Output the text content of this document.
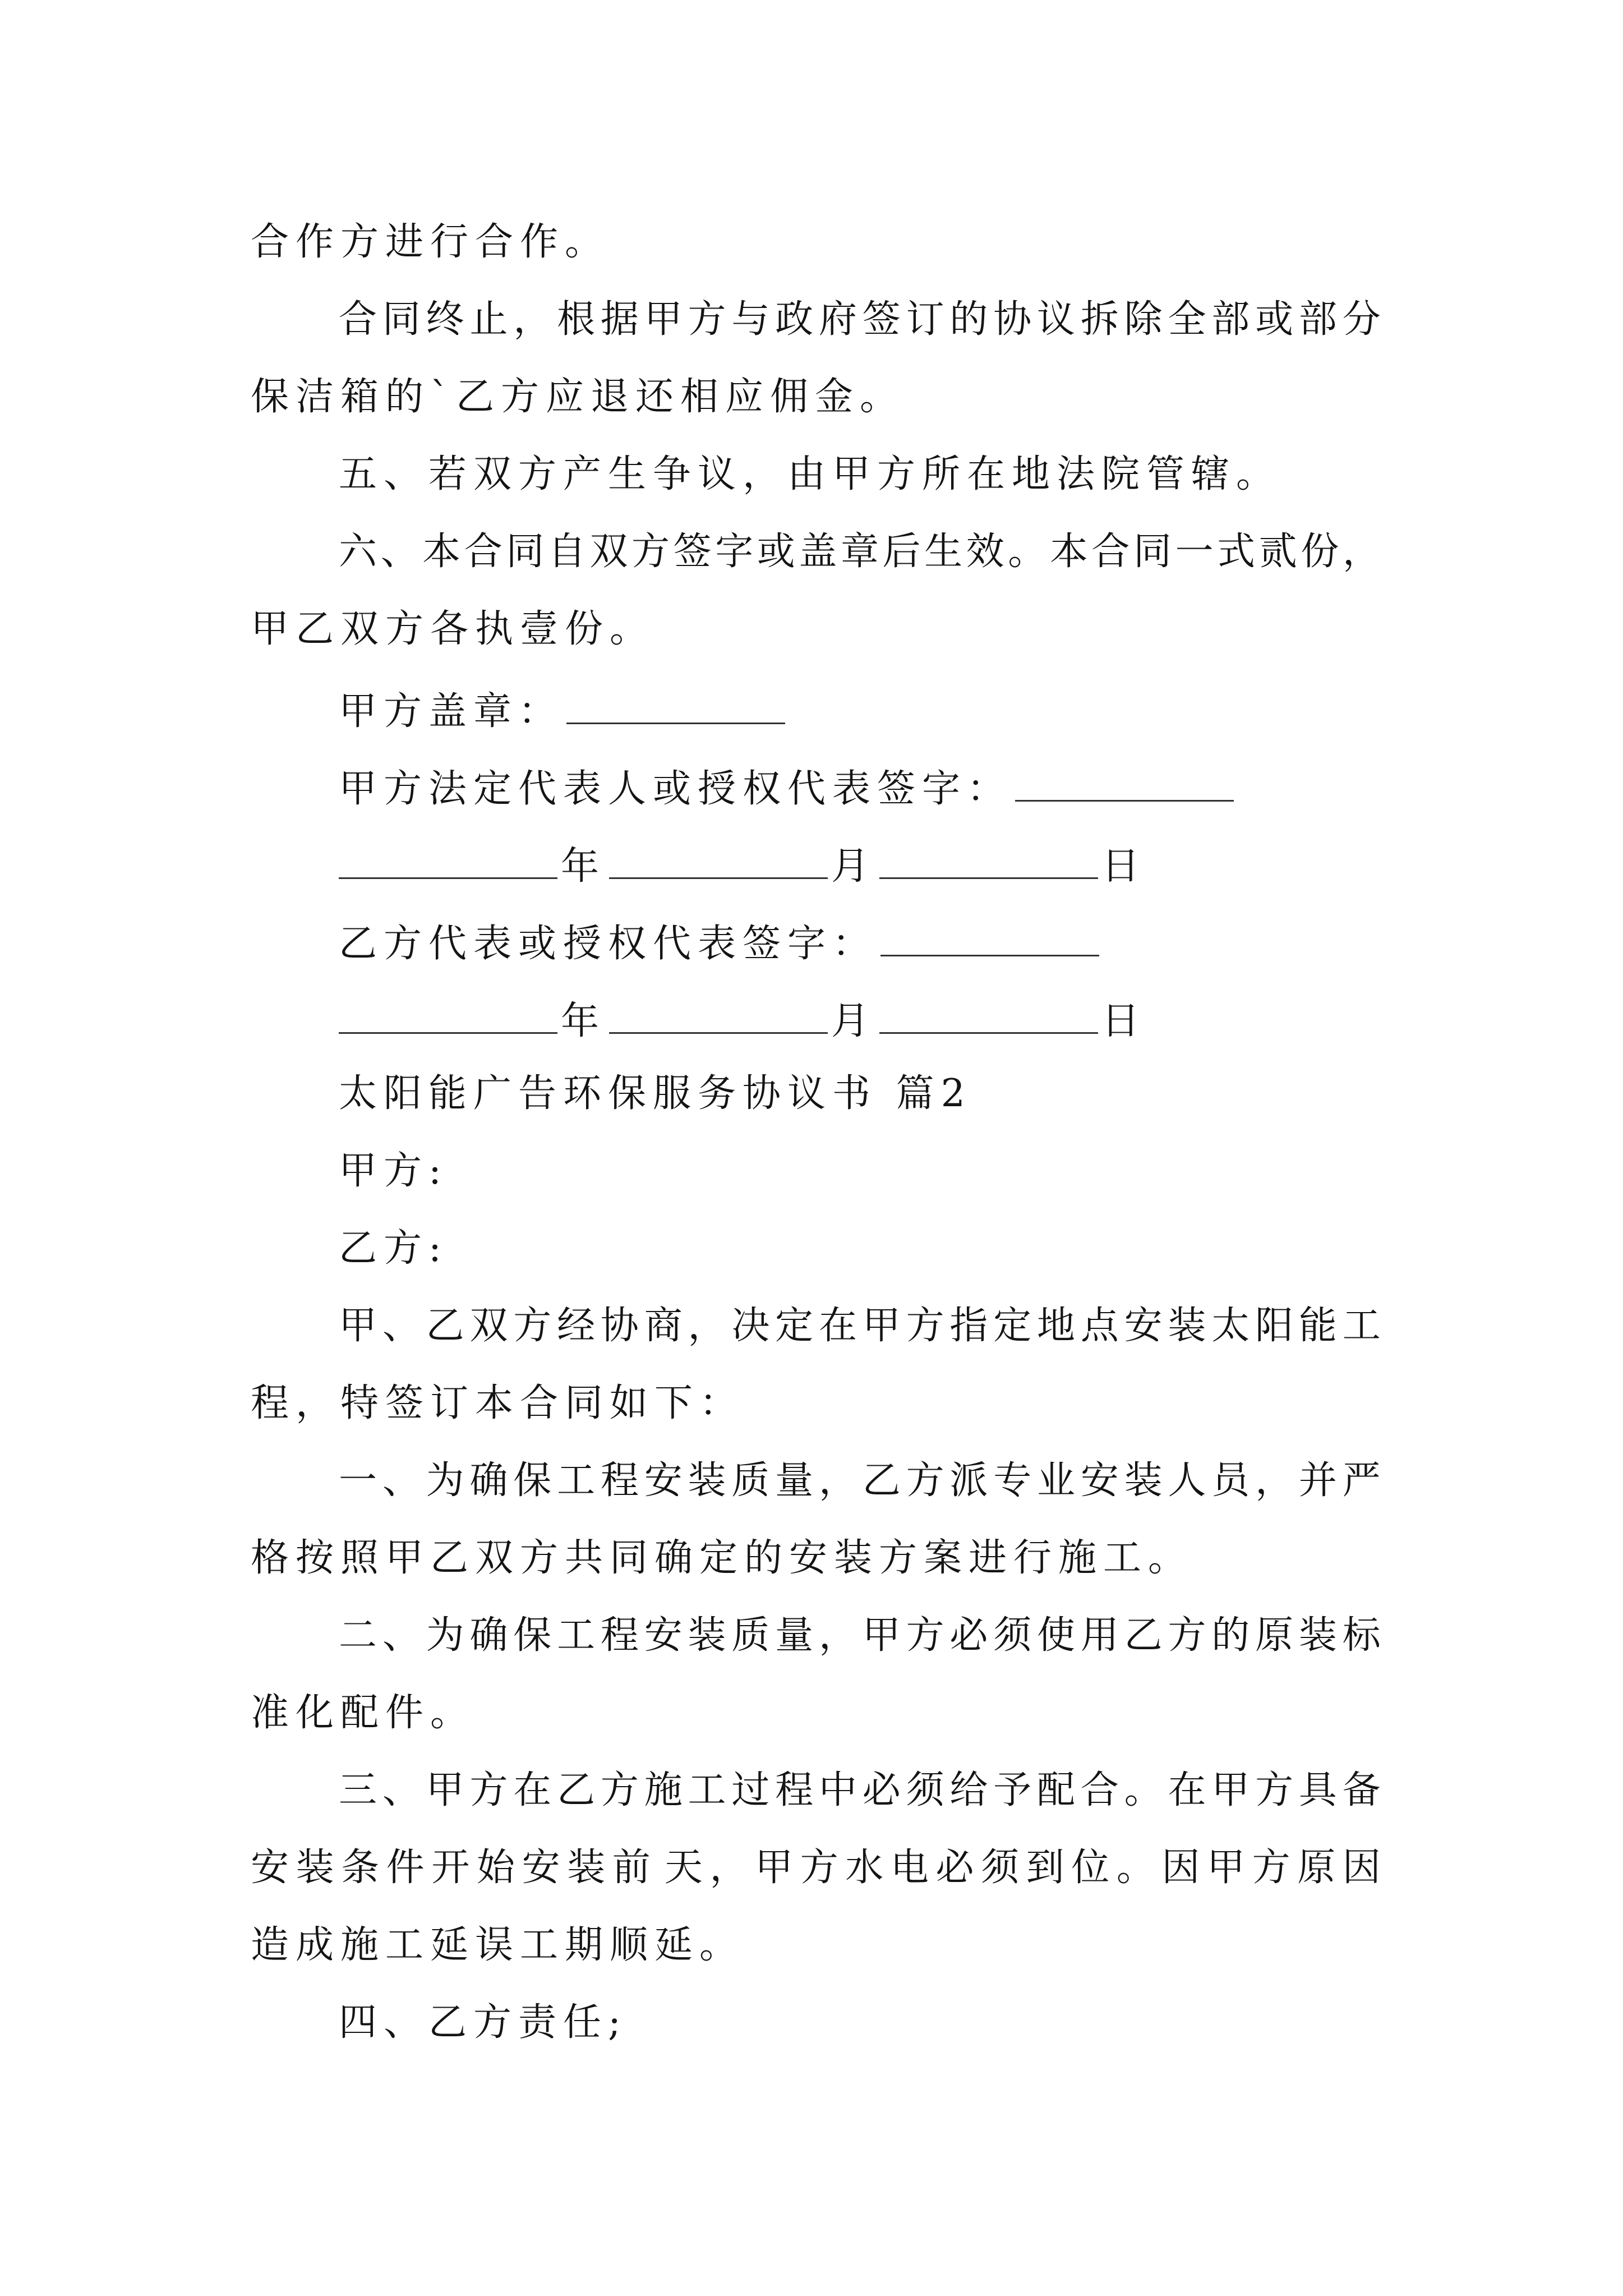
合作方进行合作。
合 同 终 止 ， 根 据 甲 方 与 政 府 签 订 的 协 议 拆 除 全 部 或 部 分
保洁箱的`乙方应退还相应佣金。
五、若双方产生争议，由甲方所在地法院管辖。
六 、 本 合 同 自 双 方 签 字 或 盖 章 后 生 效 。 本 合 同 一 式 贰 份 ，
甲乙双方各执壹份。
甲方盖章：
甲方法定代表人或授权代表签字：
年	月	日
乙方代表或授权代表签字：
年	月	日
太阳能广告环保服务协议书 篇2
甲方:
乙方:
甲 、 乙 双 方 经 协 商 ， 决 定 在 甲 方 指 定 地 点 安 装 太 阳 能 工
程，特签订本合同如下：
一 、 为 确 保 工 程 安 装 质 量 ， 乙 方 派 专 业 安 装 人 员 ， 并 严
格按照甲乙双方共同确定的安装方案进行施工。
二 、 为 确 保 工 程 安 装 质 量 ， 甲 方 必 须 使 用 乙 方 的 原 装 标
准化配件。
三 、 甲 方 在 乙 方 施 工 过 程 中 必 须 给 予 配 合 。 在 甲 方 具 备
安 装 条 件 开 始 安 装 前 天 ， 甲 方 水 电 必 须 到 位 。 因 甲 方 原 因
造成施工延误工期顺延。
四、乙方责任;
